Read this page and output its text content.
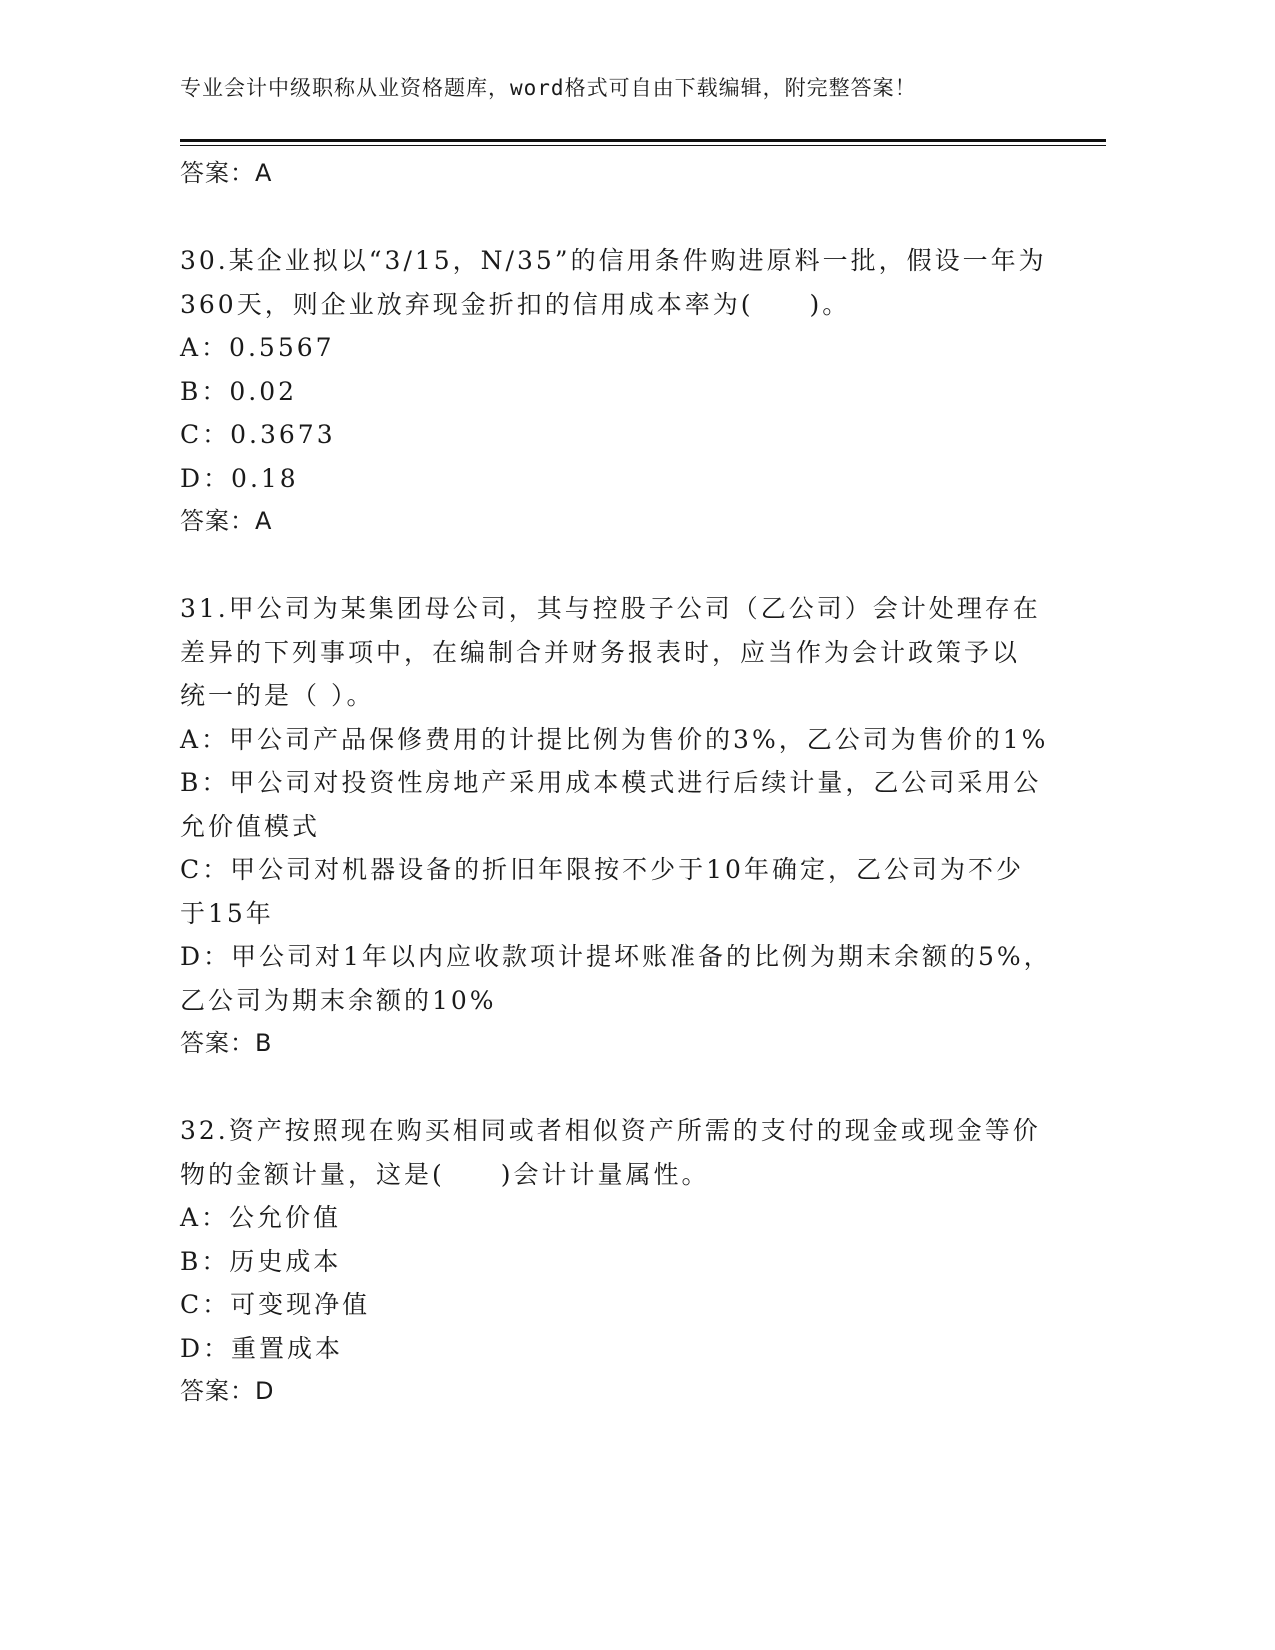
专业会计中级职称从业资格题库，word格式可自由下载编辑，附完整答案！
答案：A
30.某企业拟以“3/15，N/35”的信用条件购进原料一批，假设一年为
360天，则企业放弃现金折扣的信用成本率为(　　)。
A：0.5567
B：0.02
C：0.3673
D：0.18
答案：A
31.甲公司为某集团母公司，其与控股子公司（乙公司）会计处理存在
差异的下列事项中，在编制合并财务报表时，应当作为会计政策予以
统一的是（ ）。
A：甲公司产品保修费用的计提比例为售价的3%，乙公司为售价的1%
B：甲公司对投资性房地产采用成本模式进行后续计量，乙公司采用公
允价值模式
C：甲公司对机器设备的折旧年限按不少于10年确定，乙公司为不少
于15年
D：甲公司对1年以内应收款项计提坏账准备的比例为期末余额的5%，
乙公司为期末余额的10%
答案：B
32.资产按照现在购买相同或者相似资产所需的支付的现金或现金等价
物的金额计量，这是(　　)会计计量属性。
A：公允价值
B：历史成本
C：可变现净值
D：重置成本
答案：D
